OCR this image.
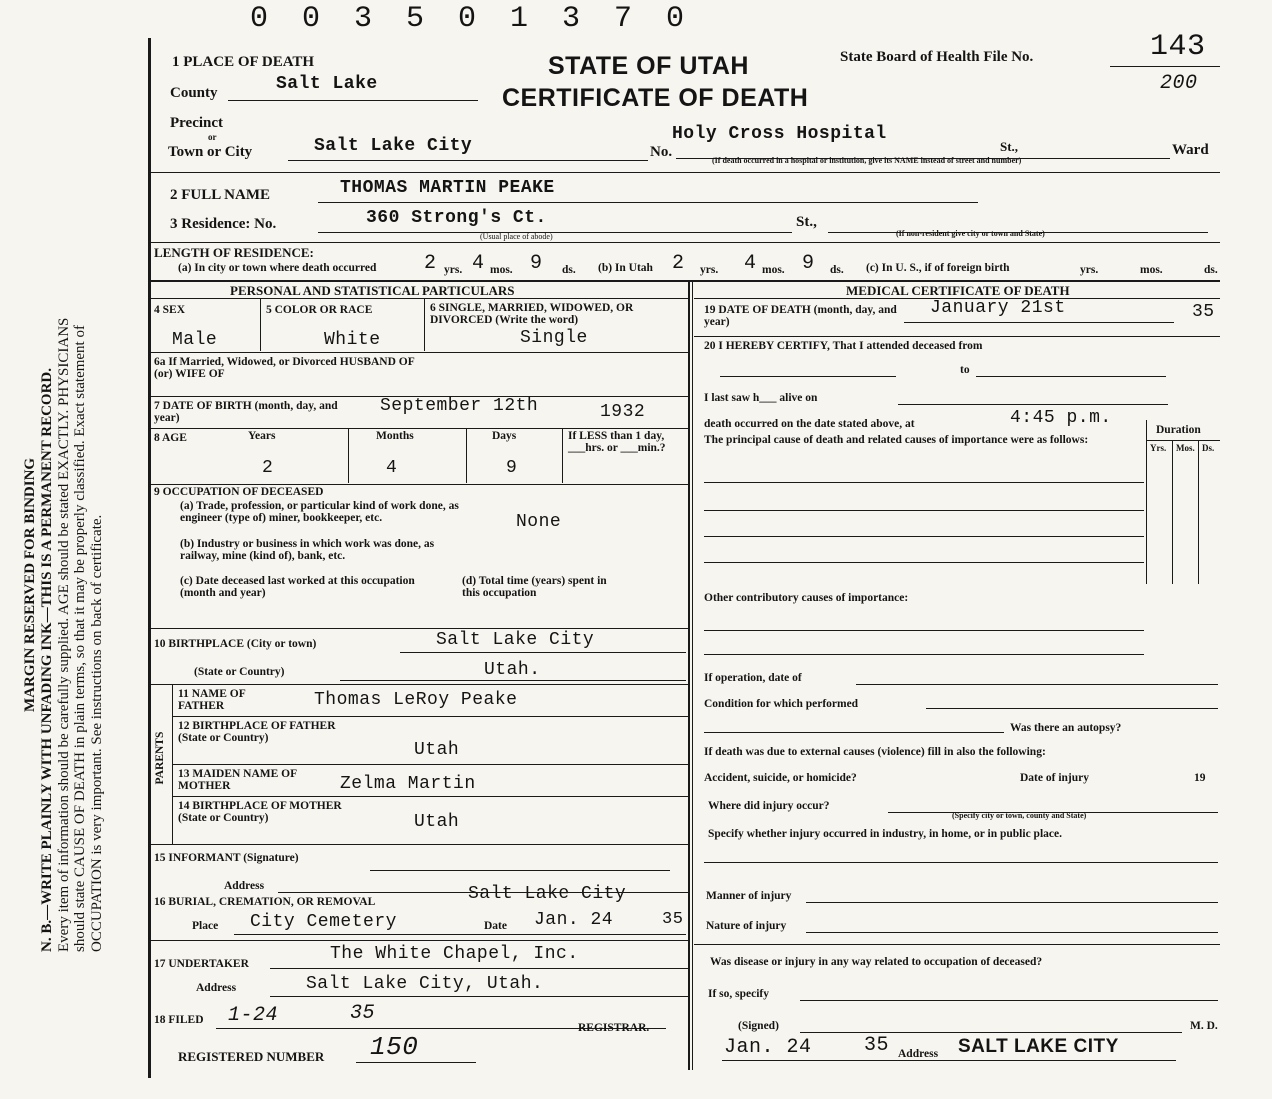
0 0 3 5 0 1 3 7 0
MARGIN RESERVED FOR BINDING N. B.—WRITE PLAINLY WITH UNFADING INK—THIS IS A PERMANENT RECORD. Every item of information should be carefully supplied. AGE should be stated EXACTLY. PHYSICIANS should state CAUSE OF DEATH in plain terms, so that it may be properly classified. Exact statement of OCCUPATION is very important. See instructions on back of certificate.
1 PLACE OF DEATH	STATE OF UTAH
CERTIFICATE OF DEATH
State Board of Health File No.	143
200
County	Salt Lake
Precinct
or
Town or City	Salt Lake City	No.
Holy Cross Hospital
St.,	Ward
(If death occurred in a hospital or institution, give its NAME instead of street and number)
2 FULL NAME	THOMAS MARTIN PEAKE
3 Residence: No.	360 Strong's Ct.
(Usual place of abode)
St.,
(If non-resident give city or town and State)
LENGTH OF RESIDENCE:
(a) In city or town where death occurred 2 yrs. 4 mos. 9 ds. (b) In Utah 2 yrs. 4 mos. 9 ds. (c) In U. S., if of foreign birth	yrs.	mos.	ds.
PERSONAL AND STATISTICAL PARTICULARS
4 SEX
Male
5 COLOR OR RACE
White
6 SINGLE, MARRIED, WIDOWED, OR DIVORCED (Write the word)
Single
6a If Married, Widowed, or Divorced HUSBAND OF (or) WIFE OF
7 DATE OF BIRTH (month, day, and year)
September 12th	1932
8 AGE	Years	Months	Days	If LESS than 1 day, ___hrs. or ___min.?
2	4	9
9 OCCUPATION OF DECEASED
(a) Trade, profession, or particular kind of work done, as engineer (type of) miner, bookkeeper, etc.	None
(b) Industry or business in which work was done, as railway, mine (kind of), bank, etc.
(c) Date deceased last worked at this occupation (month and year)
(d) Total time (years) spent in this occupation
10 BIRTHPLACE (City or town)	Salt Lake City
(State or Country)	Utah.
PARENTS
11 NAME OF FATHER	Thomas LeRoy Peake
12 BIRTHPLACE OF FATHER (State or Country)
Utah
13 MAIDEN NAME OF MOTHER	Zelma Martin
14 BIRTHPLACE OF MOTHER (State or Country)	Utah
15 INFORMANT (Signature)
Address	Salt Lake City
16 BURIAL, CREMATION, OR REMOVAL
Place City Cemetery	Date Jan. 24	35
17 UNDERTAKER	The White Chapel, Inc.
Address	Salt Lake City, Utah.
18 FILED 1-24	35
REGISTRAR.
REGISTERED NUMBER 150
MEDICAL CERTIFICATE OF DEATH
19 DATE OF DEATH (month, day, and year)
January 21st	35
20 I HEREBY CERTIFY, That I attended deceased from
to
I last saw h___ alive on
death occurred on the date stated above, at	4:45 p.m.
The principal cause of death and related causes of importance were as follows:
Duration
Yrs. Mos. Ds.
Other contributory causes of importance:
If operation, date of
Condition for which performed
Was there an autopsy?
If death was due to external causes (violence) fill in also the following:
Accident, suicide, or homicide?	Date of injury	19
Where did injury occur?
(Specify city or town, county and State)
Specify whether injury occurred in industry, in home, or in public place.
Manner of injury
Nature of injury
Was disease or injury in any way related to occupation of deceased?
If so, specify
(Signed)	M. D.
Jan. 24	35 Address SALT LAKE CITY
